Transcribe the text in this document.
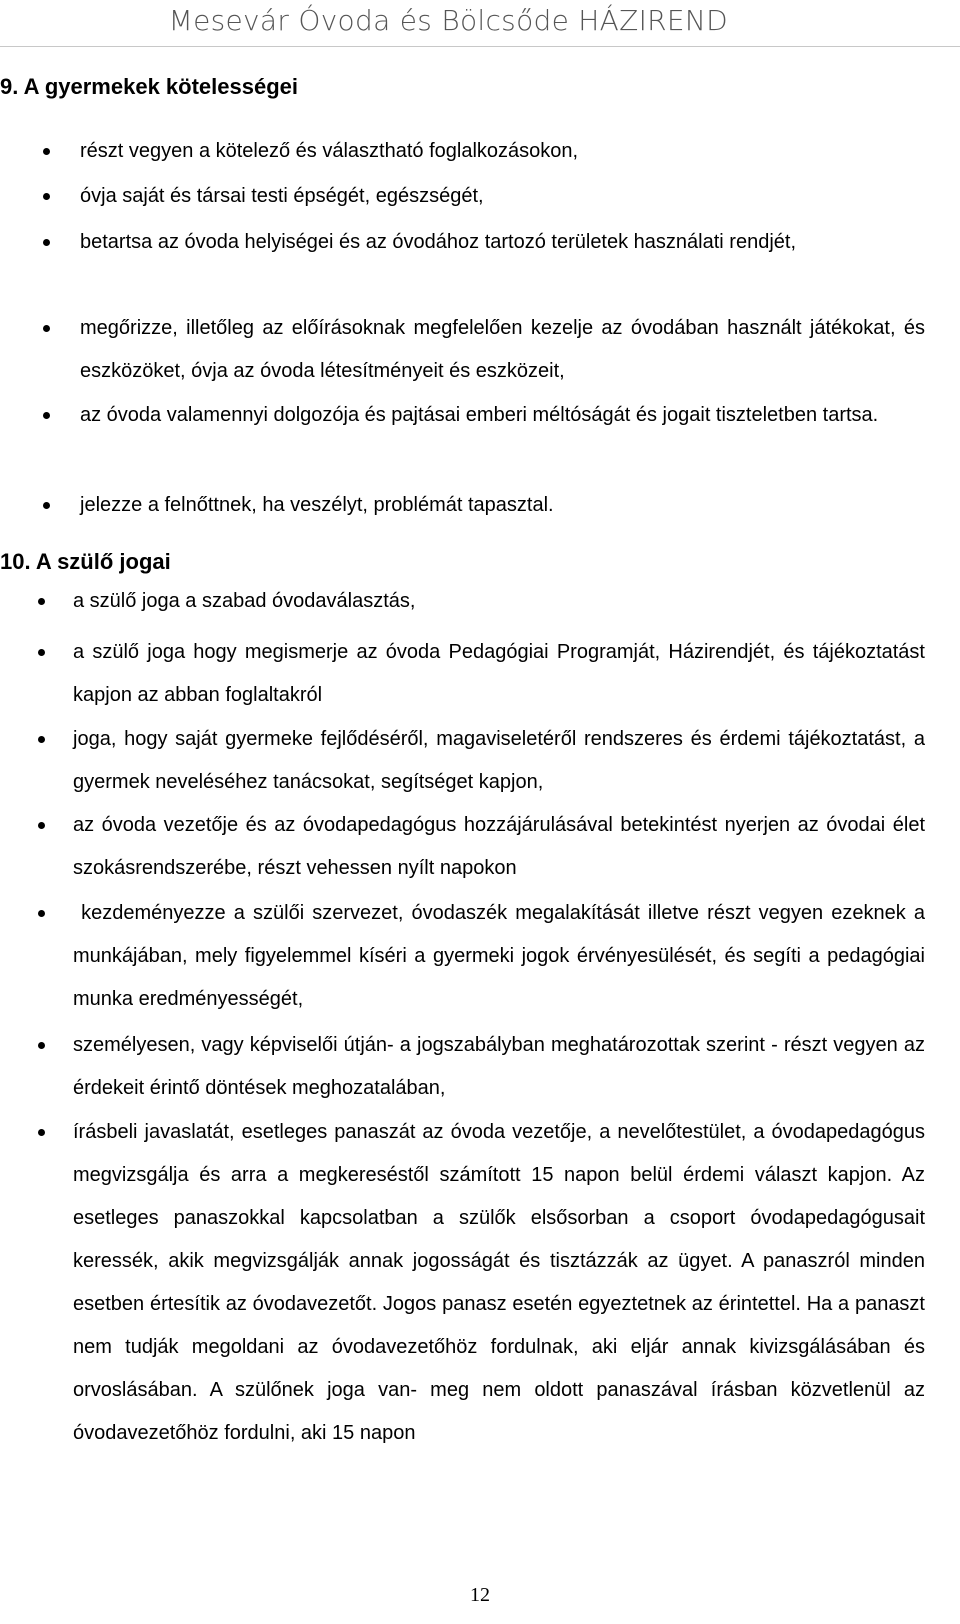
Mesevár Óvoda és Bölcsőde HÁZIREND
9. A gyermekek kötelességei
részt vegyen a kötelező és választható foglalkozásokon,
óvja saját és társai testi épségét, egészségét,
betartsa az óvoda helyiségei és az óvodához tartozó területek használati rendjét,
megőrizze, illetőleg az előírásoknak megfelelően kezelje az óvodában használt játékokat, és eszközöket, óvja az óvoda létesítményeit és eszközeit,
az óvoda valamennyi dolgozója és pajtásai emberi méltóságát és jogait tiszteletben tartsa.
jelezze a felnőttnek, ha veszélyt, problémát tapasztal.
10. A szülő jogai
a szülő joga a szabad óvodaválasztás,
a szülő joga hogy megismerje az óvoda Pedagógiai Programját, Házirendjét, és tájékoztatást kapjon az abban foglaltakról
joga, hogy saját gyermeke fejlődéséről, magaviseletéről rendszeres és érdemi tájékoztatást, a gyermek neveléséhez tanácsokat, segítséget kapjon,
az óvoda vezetője és az óvodapedagógus hozzájárulásával betekintést nyerjen az óvodai élet szokásrendszerébe, részt vehessen nyílt napokon
kezdeményezze a szülői szervezet, óvodaszék megalakítását illetve részt vegyen ezeknek a munkájában, mely figyelemmel kíséri a gyermeki jogok érvényesülését, és segíti a pedagógiai munka eredményességét,
személyesen, vagy képviselői útján- a jogszabályban meghatározottak szerint - részt vegyen az érdekeit érintő döntések meghozatalában,
írásbeli javaslatát, esetleges panaszát az óvoda vezetője, a nevelőtestület, a óvodapedagógus megvizsgálja és arra a megkereséstől számított 15 napon belül érdemi választ kapjon. Az esetleges panaszokkal kapcsolatban a szülők elsősorban a csoport óvodapedagógusait keressék, akik megvizsgálják annak jogosságát és tisztázzák az ügyet. A panaszról minden esetben értesítik az óvodavezetőt. Jogos panasz esetén egyeztetnek az érintettel. Ha a panaszt nem tudják megoldani az óvodavezetőhöz fordulnak, aki eljár annak kivizsgálásában és orvoslásában. A szülőnek joga van- meg nem oldott panaszával írásban közvetlenül az óvodavezetőhöz fordulni, aki 15 napon
12
